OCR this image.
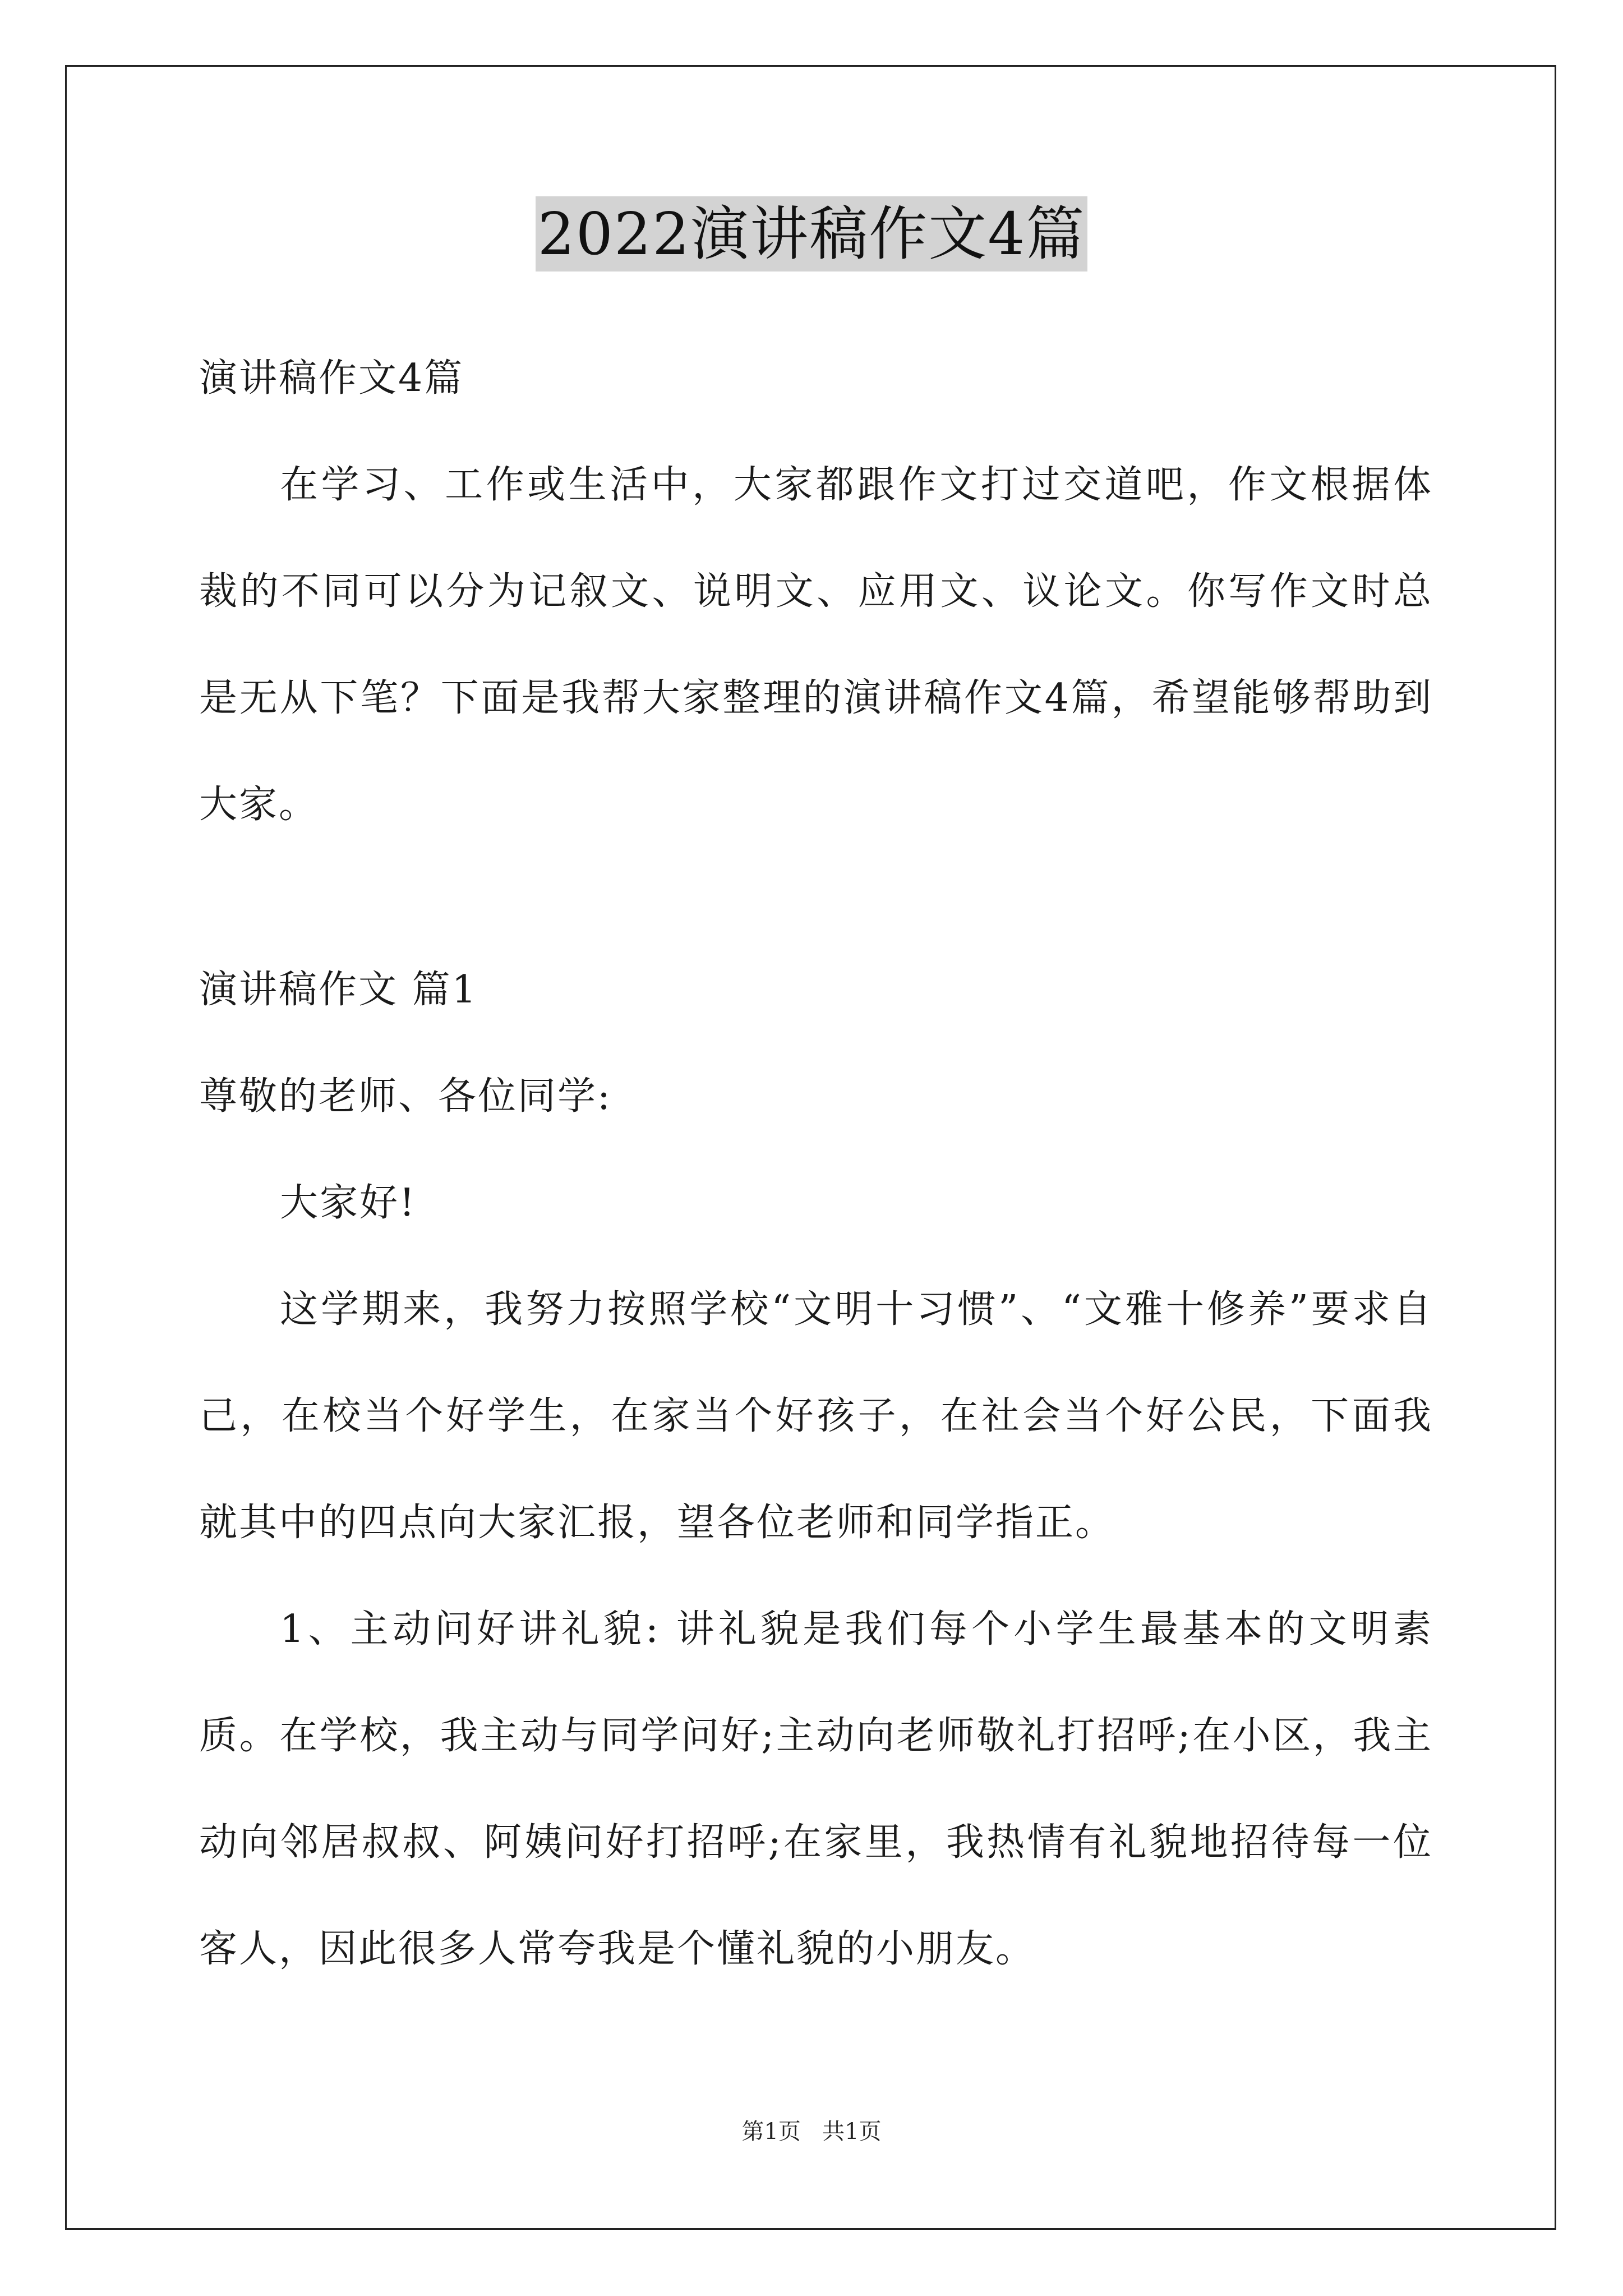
2022演讲稿作文4篇

演讲稿作文4篇

在学习、工作或生活中，大家都跟作文打过交道吧，作文根据体裁的不同可以分为记叙文、说明文、应用文、议论文。你写作文时总是无从下笔？下面是我帮大家整理的演讲稿作文4篇，希望能够帮助到大家。

演讲稿作文 篇1

尊敬的老师、各位同学:

大家好!

这学期来，我努力按照学校“文明十习惯”、“文雅十修养”要求自己，在校当个好学生，在家当个好孩子，在社会当个好公民，下面我就其中的四点向大家汇报，望各位老师和同学指正。

1、主动问好讲礼貌: 讲礼貌是我们每个小学生最基本的文明素质。在学校，我主动与同学问好;主动向老师敬礼打招呼;在小区，我主动向邻居叔叔、阿姨问好打招呼;在家里，我热情有礼貌地招待每一位客人，因此很多人常夸我是个懂礼貌的小朋友。

第1页 共1页
